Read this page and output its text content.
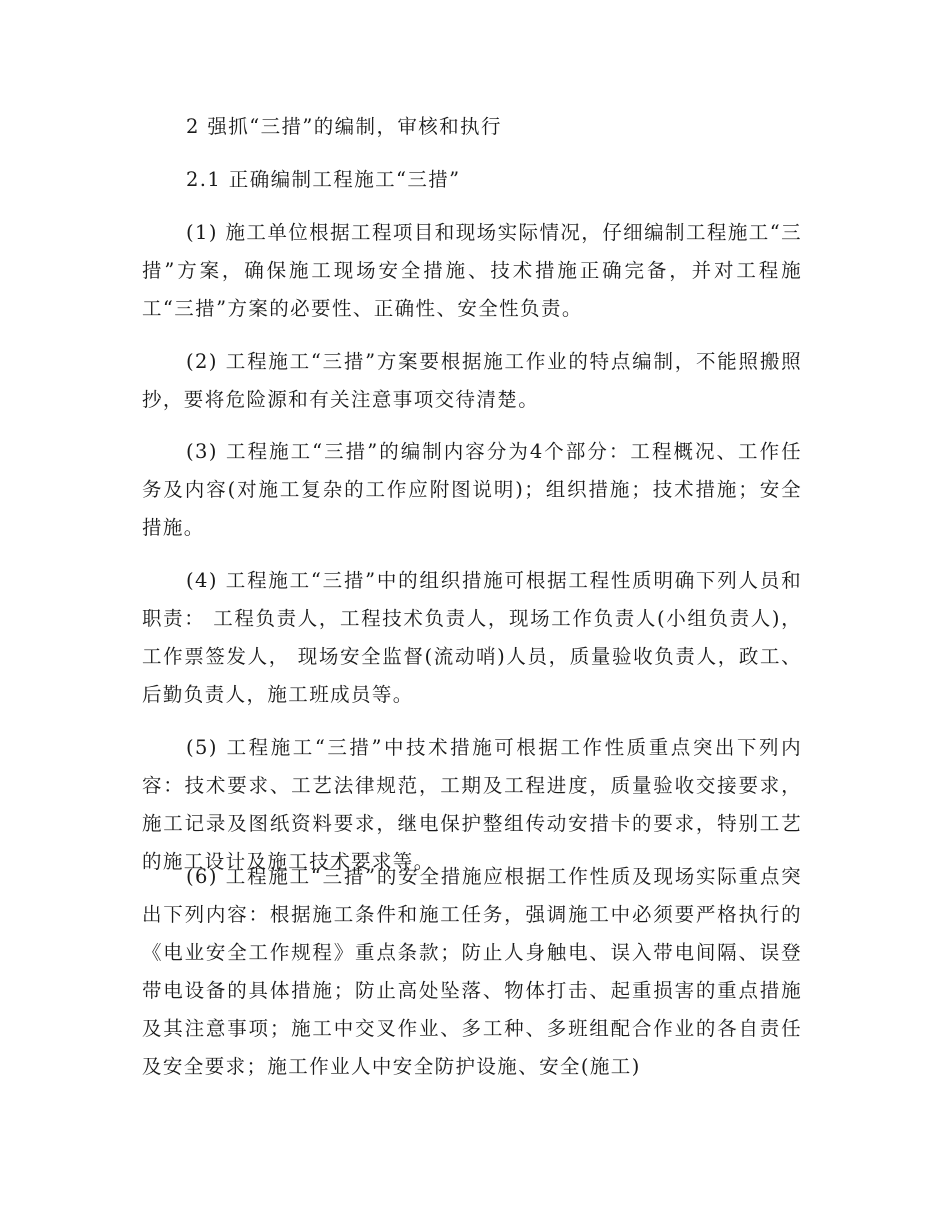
2 强抓“三措”的编制，审核和执行

2.1 正确编制工程施工“三措”

(1) 施工单位根据工程项目和现场实际情况，仔细编制工程施工“三措”方案，确保施工现场安全措施、技术措施正确完备，并对工程施工“三措”方案的必要性、正确性、安全性负责。

(2) 工程施工“三措”方案要根据施工作业的特点编制，不能照搬照抄，要将危险源和有关注意事项交待清楚。

(3) 工程施工“三措”的编制内容分为4个部分：工程概况、工作任务及内容(对施工复杂的工作应附图说明)；组织措施；技术措施；安全措施。

(4) 工程施工“三措”中的组织措施可根据工程性质明确下列人员和职责： 工程负责人，工程技术负责人，现场工作负责人(小组负责人)，工作票签发人， 现场安全监督(流动哨)人员，质量验收负责人，政工、后勤负责人，施工班成员等。

(5) 工程施工“三措”中技术措施可根据工作性质重点突出下列内容：技术要求、工艺法律规范，工期及工程进度，质量验收交接要求，施工记录及图纸资料要求，继电保护整组传动安措卡的要求，特别工艺的施工设计及施工技术要求等。

(6) 工程施工“三措”的安全措施应根据工作性质及现场实际重点突出下列内容：根据施工条件和施工任务，强调施工中必须要严格执行的《电业安全工作规程》重点条款；防止人身触电、误入带电间隔、误登带电设备的具体措施；防止高处坠落、物体打击、起重损害的重点措施及其注意事项；施工中交叉作业、多工种、多班组配合作业的各自责任及安全要求；施工作业人中安全防护设施、安全(施工)
